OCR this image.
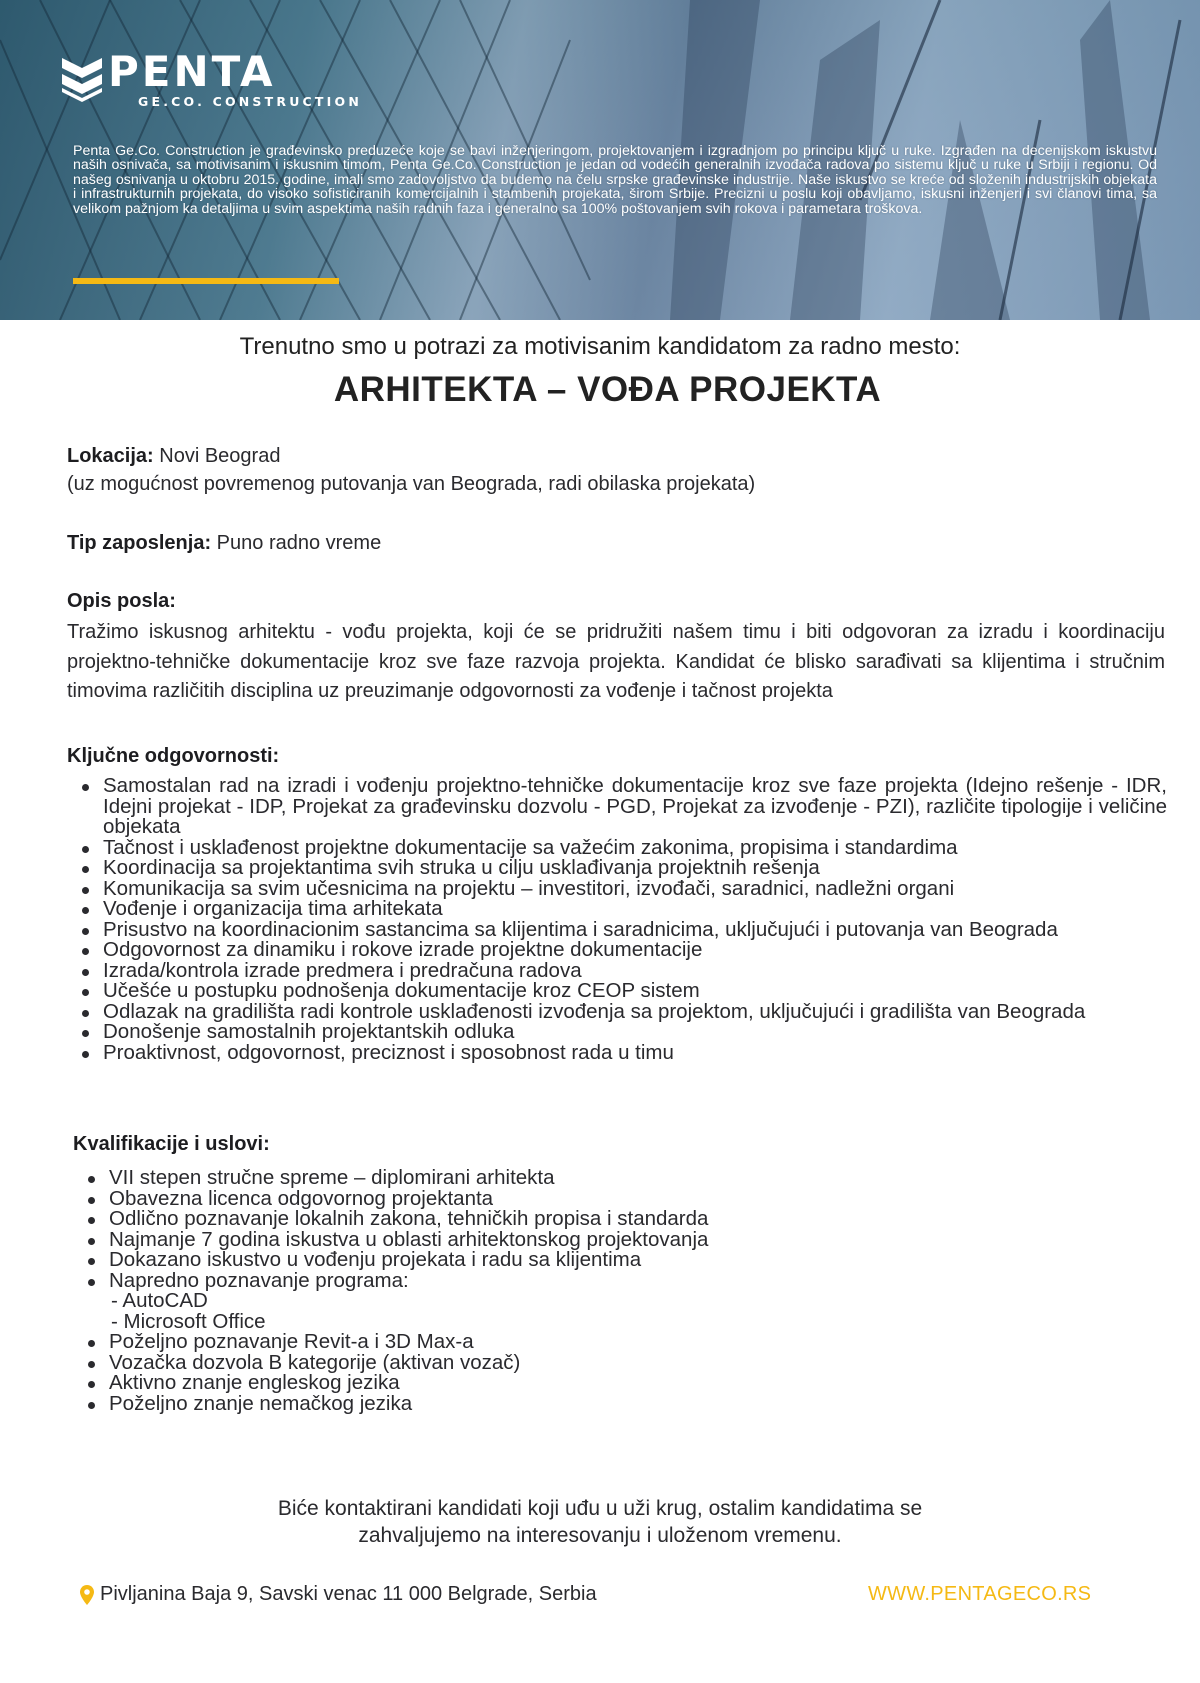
PENTA
GE.CO. CONSTRUCTION

Penta Ge.Co. Construction je građevinsko preduzeće koje se bavi inženjeringom, projektovanjem i izgradnjom po principu ključ u ruke. Izgrađen na decenijskom iskustvu naših osnivača, sa motivisanim i iskusnim timom, Penta Ge.Co. Construction je jedan od vodećih generalnih izvođača radova po sistemu ključ u ruke u Srbiji i regionu. Od našeg osnivanja u oktobru 2015. godine, imali smo zadovoljstvo da budemo na čelu srpske građevinske industrije. Naše iskustvo se kreće od složenih industrijskih objekata i infrastrukturnih projekata, do visoko sofisticiranih komercijalnih i stambenih projekata, širom Srbije. Precizni u poslu koji obavljamo, iskusni inženjeri i svi članovi tima, sa velikom pažnjom ka detaljima u svim aspektima naših radnih faza i generalno sa 100% poštovanjem svih rokova i parametara troškova.

Trenutno smo u potrazi za motivisanim kandidatom za radno mesto:

ARHITEKTA – VOĐA PROJEKTA

Lokacija: Novi Beograd

(uz mogućnost povremenog putovanja van Beograda, radi obilaska projekata)

Tip zaposlenja: Puno radno vreme

Opis posla:

Tražimo iskusnog arhitektu - vođu projekta, koji će se pridružiti našem timu i biti odgovoran za izradu i koordinaciju projektno-tehničke dokumentacije kroz sve faze razvoja projekta. Kandidat će blisko sarađivati sa klijentima i stručnim timovima različitih disciplina uz preuzimanje odgovornosti za vođenje i tačnost projekta

Ključne odgovornosti:
Samostalan rad na izradi i vođenju projektno-tehničke dokumentacije kroz sve faze projekta (Idejno rešenje - IDR, Idejni projekat - IDP, Projekat za građevinsku dozvolu - PGD, Projekat za izvođenje - PZI), različite tipologije i veličine objekata
Tačnost i usklađenost projektne dokumentacije sa važećim zakonima, propisima i standardima
Koordinacija sa projektantima svih struka u cilju usklađivanja projektnih rešenja
Komunikacija sa svim učesnicima na projektu – investitori, izvođači, saradnici, nadležni organi
Vođenje i organizacija tima arhitekata
Prisustvo na koordinacionim sastancima sa klijentima i saradnicima, uključujući i putovanja van Beograda
Odgovornost za dinamiku i rokove izrade projektne dokumentacije
Izrada/kontrola izrade predmera i predračuna radova
Učešće u postupku podnošenja dokumentacije kroz CEOP sistem
Odlazak na gradilišta radi kontrole usklađenosti izvođenja sa projektom, uključujući i gradilišta van Beograda
Donošenje samostalnih projektantskih odluka
Proaktivnost, odgovornost, preciznost i sposobnost rada u timu
Kvalifikacije i uslovi:
VII stepen stručne spreme – diplomirani arhitekta
Obavezna licenca odgovornog projektanta
Odlično poznavanje lokalnih zakona, tehničkih propisa i standarda
Najmanje 7 godina iskustva u oblasti arhitektonskog projektovanja
Dokazano iskustvo u vođenju projekata i radu sa klijentima
Napredno poznavanje programa:
- AutoCAD
- Microsoft Office
Poželjno poznavanje Revit-a i 3D Max-a
Vozačka dozvola B kategorije (aktivan vozač)
Aktivno znanje engleskog jezika
Poželjno znanje nemačkog jezika

Biće kontaktirani kandidati koji uđu u uži krug, ostalim kandidatima se

zahvaljujemo na interesovanju i uloženom vremenu.

Pivljanina Baja 9, Savski venac 11 000 Belgrade, Serbia	WWW.PENTAGECO.RS
